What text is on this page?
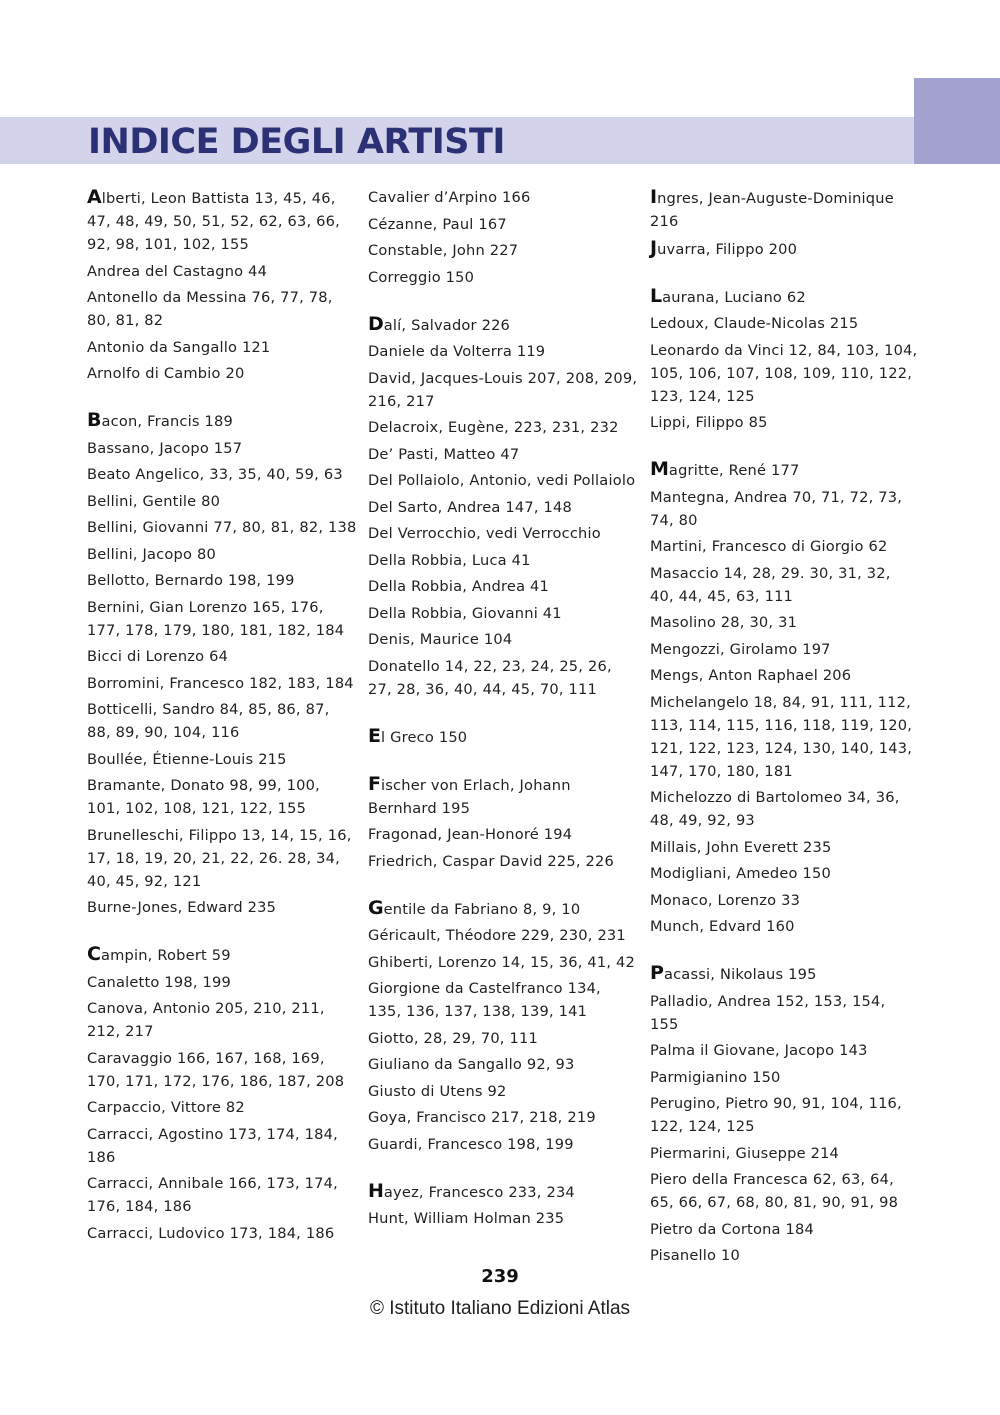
INDICE DEGLI ARTISTI

Alberti, Leon Battista 13, 45, 46, 47, 48, 49, 50, 51, 52, 62, 63, 66, 92, 98, 101, 102, 155

Andrea del Castagno 44

Antonello da Messina 76, 77, 78, 80, 81, 82

Antonio da Sangallo 121

Arnolfo di Cambio 20

Bacon, Francis 189

Bassano, Jacopo 157

Beato Angelico, 33, 35, 40, 59, 63

Bellini, Gentile 80

Bellini, Giovanni 77, 80, 81, 82, 138

Bellini, Jacopo 80

Bellotto, Bernardo 198, 199

Bernini, Gian Lorenzo 165, 176, 177, 178, 179, 180, 181, 182, 184

Bicci di Lorenzo 64

Borromini, Francesco 182, 183, 184

Botticelli, Sandro 84, 85, 86, 87, 88, 89, 90, 104, 116

Boullée, Étienne-Louis 215

Bramante, Donato 98, 99, 100, 101, 102, 108, 121, 122, 155

Brunelleschi, Filippo 13, 14, 15, 16, 17, 18, 19, 20, 21, 22, 26. 28, 34, 40, 45, 92, 121

Burne-Jones, Edward 235

Campin, Robert 59

Canaletto 198, 199

Canova, Antonio 205, 210, 211, 212, 217

Caravaggio 166, 167, 168, 169, 170, 171, 172, 176, 186, 187, 208

Carpaccio, Vittore 82

Carracci, Agostino 173, 174, 184, 186

Carracci, Annibale 166, 173, 174, 176, 184, 186

Carracci, Ludovico 173, 184, 186

Cavalier d’Arpino 166

Cézanne, Paul 167

Constable, John 227

Correggio 150

Dalí, Salvador 226

Daniele da Volterra 119

David, Jacques-Louis 207, 208, 209, 216, 217

Delacroix, Eugène, 223, 231, 232

De’ Pasti, Matteo 47

Del Pollaiolo, Antonio, vedi Pollaiolo

Del Sarto, Andrea 147, 148

Del Verrocchio, vedi Verrocchio

Della Robbia, Luca 41

Della Robbia, Andrea 41

Della Robbia, Giovanni 41

Denis, Maurice 104

Donatello 14, 22, 23, 24, 25, 26, 27, 28, 36, 40, 44, 45, 70, 111

El Greco 150

Fischer von Erlach, Johann Bernhard 195

Fragonad, Jean-Honoré 194

Friedrich, Caspar David 225, 226

Gentile da Fabriano 8, 9, 10

Géricault, Théodore 229, 230, 231

Ghiberti, Lorenzo 14, 15, 36, 41, 42

Giorgione da Castelfranco 134, 135, 136, 137, 138, 139, 141

Giotto, 28, 29, 70, 111

Giuliano da Sangallo 92, 93

Giusto di Utens 92

Goya, Francisco 217, 218, 219

Guardi, Francesco 198, 199

Hayez, Francesco 233, 234

Hunt, William Holman 235

Ingres, Jean-Auguste-Dominique 216

Juvarra, Filippo 200

Laurana, Luciano 62

Ledoux, Claude-Nicolas 215

Leonardo da Vinci 12, 84, 103, 104, 105, 106, 107, 108, 109, 110, 122, 123, 124, 125

Lippi, Filippo 85

Magritte, René 177

Mantegna, Andrea 70, 71, 72, 73, 74, 80

Martini, Francesco di Giorgio 62

Masaccio 14, 28, 29. 30, 31, 32, 40, 44, 45, 63, 111

Masolino 28, 30, 31

Mengozzi, Girolamo 197

Mengs, Anton Raphael 206

Michelangelo 18, 84, 91, 111, 112, 113, 114, 115, 116, 118, 119, 120, 121, 122, 123, 124, 130, 140, 143, 147, 170, 180, 181

Michelozzo di Bartolomeo 34, 36, 48, 49, 92, 93

Millais, John Everett 235

Modigliani, Amedeo 150

Monaco, Lorenzo 33

Munch, Edvard 160

Pacassi, Nikolaus 195

Palladio, Andrea 152, 153, 154, 155

Palma il Giovane, Jacopo 143

Parmigianino 150

Perugino, Pietro 90, 91, 104, 116, 122, 124, 125

Piermarini, Giuseppe 214

Piero della Francesca 62, 63, 64, 65, 66, 67, 68, 80, 81, 90, 91, 98

Pietro da Cortona 184

Pisanello 10

239
© Istituto Italiano Edizioni Atlas
